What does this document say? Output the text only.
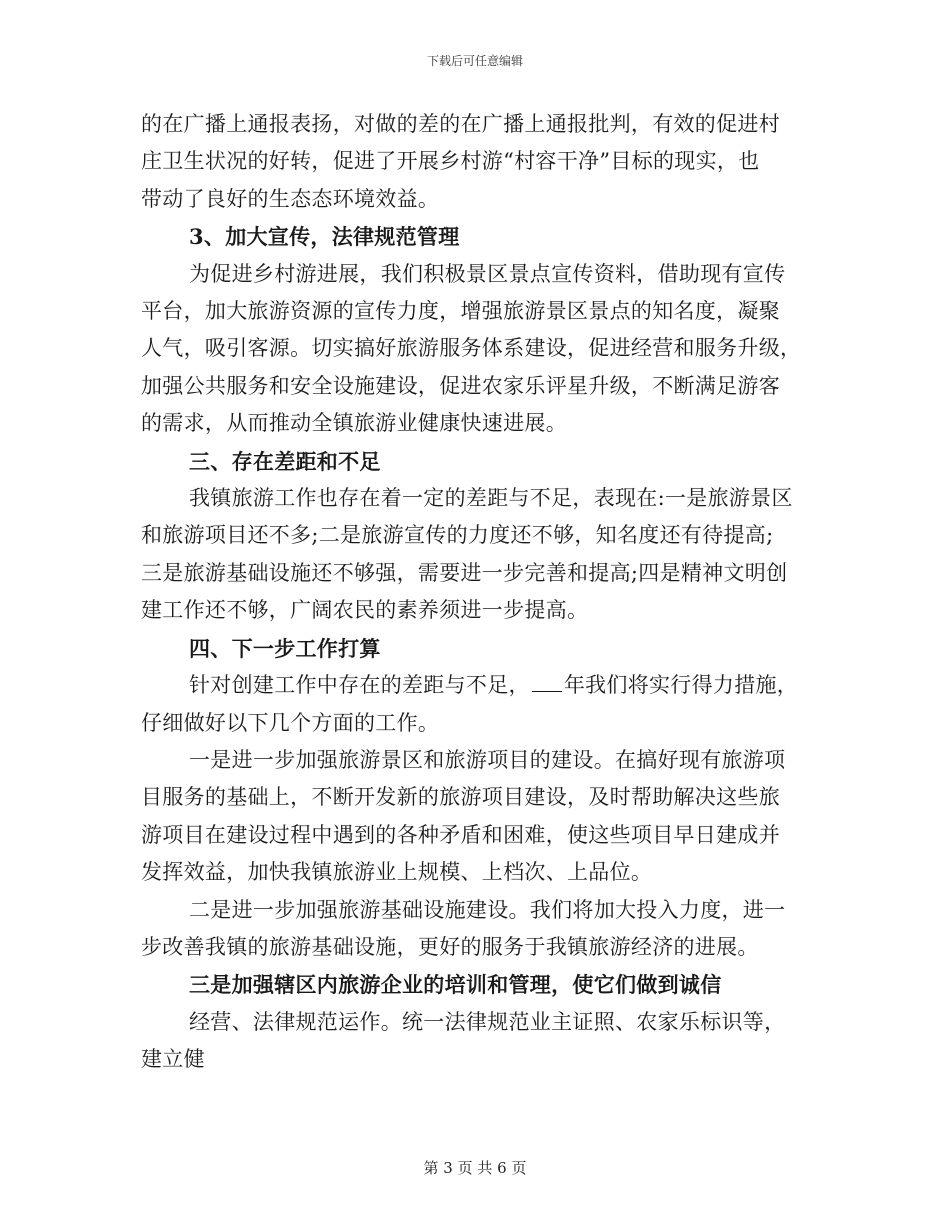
下载后可任意编辑
的在广播上通报表扬，对做的差的在广播上通报批判，有效的促进村
庄卫生状况的好转，促进了开展乡村游“村容干净”目标的现实，也
带动了良好的生态态环境效益。
3、加大宣传，法律规范管理
为促进乡村游进展，我们积极景区景点宣传资料，借助现有宣传
平台，加大旅游资源的宣传力度，增强旅游景区景点的知名度，凝聚
人气，吸引客源。切实搞好旅游服务体系建设，促进经营和服务升级，
加强公共服务和安全设施建设，促进农家乐评星升级，不断满足游客
的需求，从而推动全镇旅游业健康快速进展。
三、存在差距和不足
我镇旅游工作也存在着一定的差距与不足，表现在:一是旅游景区
和旅游项目还不多;二是旅游宣传的力度还不够，知名度还有待提高;
三是旅游基础设施还不够强，需要进一步完善和提高;四是精神文明创
建工作还不够，广阔农民的素养须进一步提高。
四、下一步工作打算
针对创建工作中存在的差距与不足， 年我们将实行得力措施，
仔细做好以下几个方面的工作。
一是进一步加强旅游景区和旅游项目的建设。在搞好现有旅游项
目服务的基础上，不断开发新的旅游项目建设，及时帮助解决这些旅
游项目在建设过程中遇到的各种矛盾和困难，使这些项目早日建成并
发挥效益，加快我镇旅游业上规模、上档次、上品位。
二是进一步加强旅游基础设施建设。我们将加大投入力度，进一
步改善我镇的旅游基础设施，更好的服务于我镇旅游经济的进展。
三是加强辖区内旅游企业的培训和管理，使它们做到诚信
经营、法律规范运作。统一法律规范业主证照、农家乐标识等，
建立健
第 3 页 共 6 页
